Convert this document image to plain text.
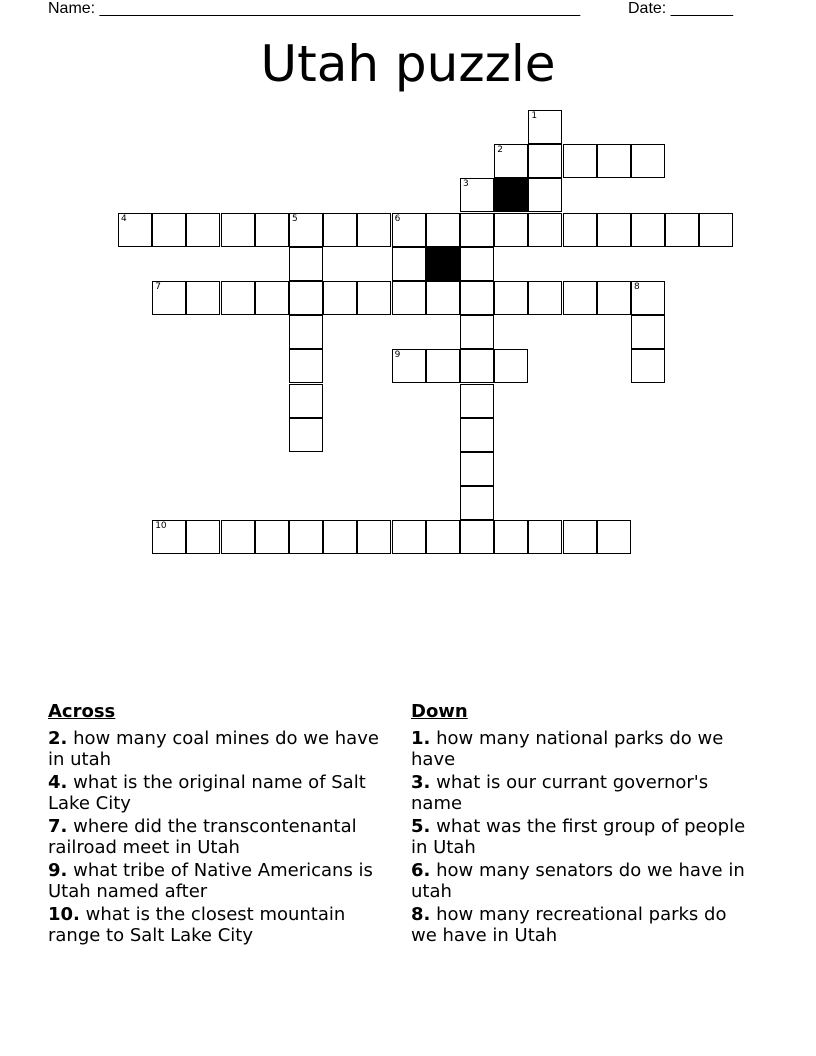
Name: ______________________________________________________	Date: _______
Utah puzzle
1
2
3
4	5	6
7	8
9
10
Across
2. how many coal mines do we have in utah
4. what is the original name of Salt Lake City
7. where did the transcontenantal railroad meet in Utah
9. what tribe of Native Americans is Utah named after
10. what is the closest mountain range to Salt Lake City
Down
1. how many national parks do we have
3. what is our currant governor's name
5. what was the first group of people in Utah
6. how many senators do we have in utah
8. how many recreational parks do we have in Utah
